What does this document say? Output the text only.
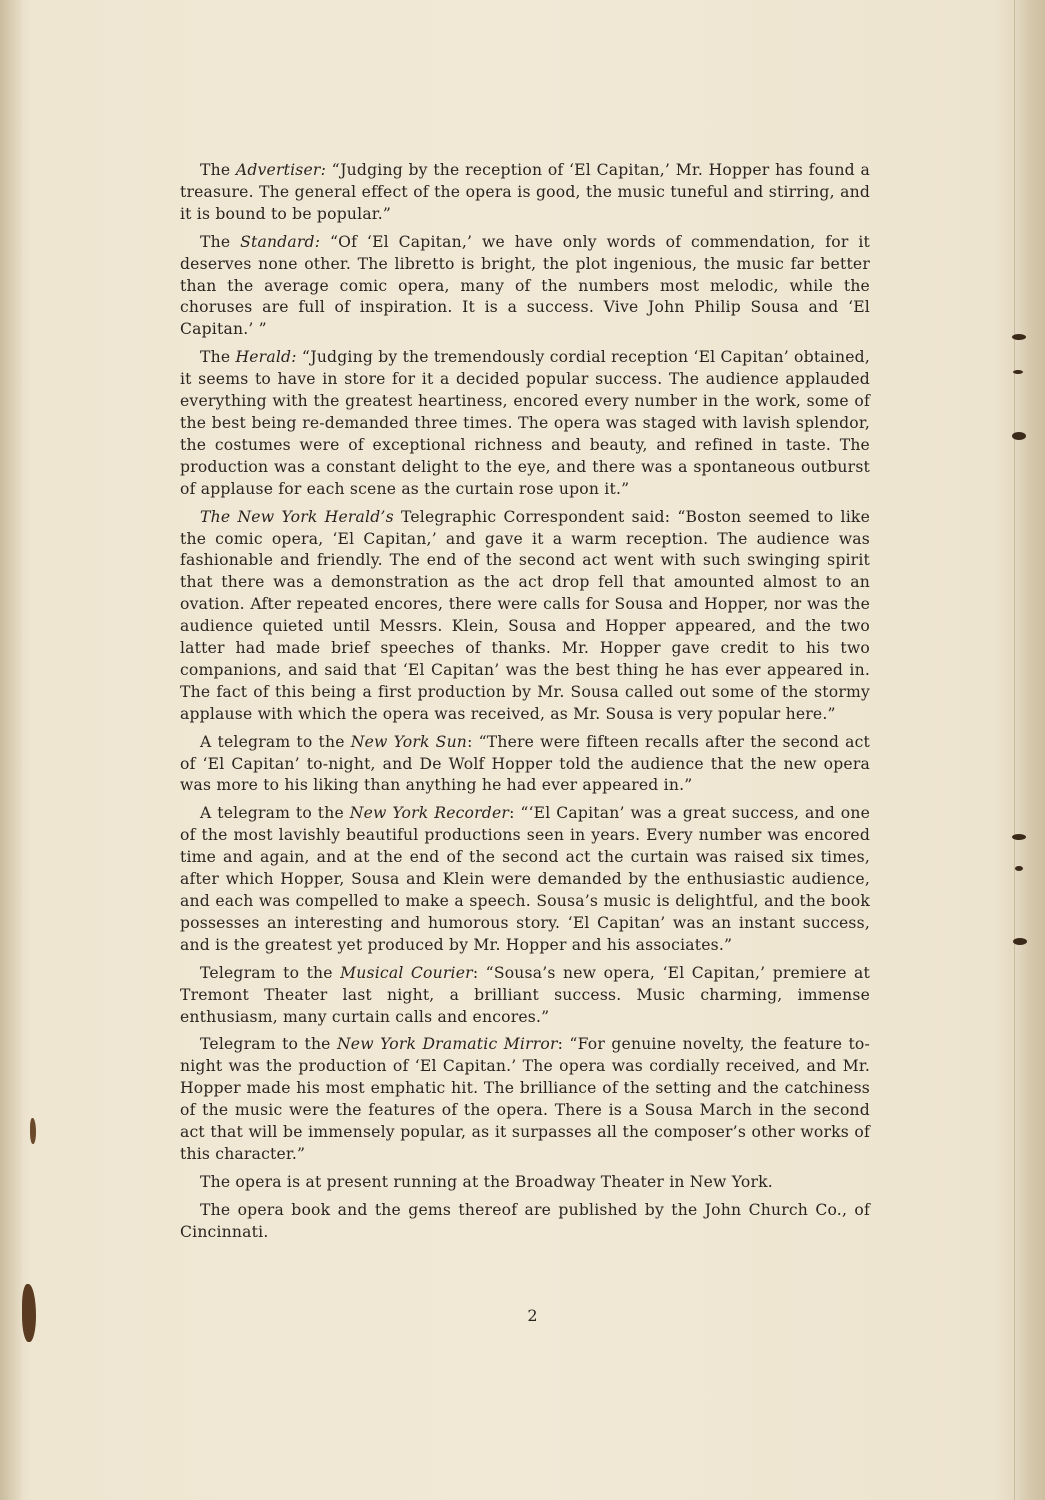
The Advertiser: “Judging by the reception of ‘El Capitan,’ Mr. Hopper has found a treasure. The general effect of the opera is good, the music tuneful and stirring, and it is bound to be popular.”

The Standard: “Of ‘El Capitan,’ we have only words of commendation, for it deserves none other. The libretto is bright, the plot ingenious, the music far better than the average comic opera, many of the numbers most melodic, while the choruses are full of inspiration. It is a success. Vive John Philip Sousa and ‘El Capitan.’ ”

The Herald: “Judging by the tremendously cordial reception ‘El Capitan’ obtained, it seems to have in store for it a decided popular success. The audience applauded everything with the greatest heartiness, encored every number in the work, some of the best being re-demanded three times. The opera was staged with lavish splendor, the costumes were of exceptional richness and beauty, and refined in taste. The production was a constant delight to the eye, and there was a spontaneous outburst of applause for each scene as the curtain rose upon it.”

The New York Herald’s Telegraphic Correspondent said: “Boston seemed to like the comic opera, ‘El Capitan,’ and gave it a warm reception. The audience was fashionable and friendly. The end of the second act went with such swinging spirit that there was a demonstration as the act drop fell that amounted almost to an ovation. After repeated encores, there were calls for Sousa and Hopper, nor was the audience quieted until Messrs. Klein, Sousa and Hopper appeared, and the two latter had made brief speeches of thanks. Mr. Hopper gave credit to his two companions, and said that ‘El Capitan’ was the best thing he has ever appeared in. The fact of this being a first production by Mr. Sousa called out some of the stormy applause with which the opera was received, as Mr. Sousa is very popular here.”

A telegram to the New York Sun: “There were fifteen recalls after the second act of ‘El Capitan’ to-night, and De Wolf Hopper told the audience that the new opera was more to his liking than anything he had ever appeared in.”

A telegram to the New York Recorder: “‘El Capitan’ was a great success, and one of the most lavishly beautiful productions seen in years. Every number was encored time and again, and at the end of the second act the curtain was raised six times, after which Hopper, Sousa and Klein were demanded by the enthusiastic audience, and each was compelled to make a speech. Sousa’s music is delightful, and the book possesses an interesting and humorous story. ‘El Capitan’ was an instant success, and is the greatest yet produced by Mr. Hopper and his associates.”

Telegram to the Musical Courier: “Sousa’s new opera, ‘El Capitan,’ premiere at Tremont Theater last night, a brilliant success. Music charming, immense enthusiasm, many curtain calls and encores.”

Telegram to the New York Dramatic Mirror: “For genuine novelty, the feature to-night was the production of ‘El Capitan.’ The opera was cordially received, and Mr. Hopper made his most emphatic hit. The brilliance of the setting and the catchiness of the music were the features of the opera. There is a Sousa March in the second act that will be immensely popular, as it surpasses all the composer’s other works of this character.”

The opera is at present running at the Broadway Theater in New York.

The opera book and the gems thereof are published by the John Church Co., of Cincinnati.

2
